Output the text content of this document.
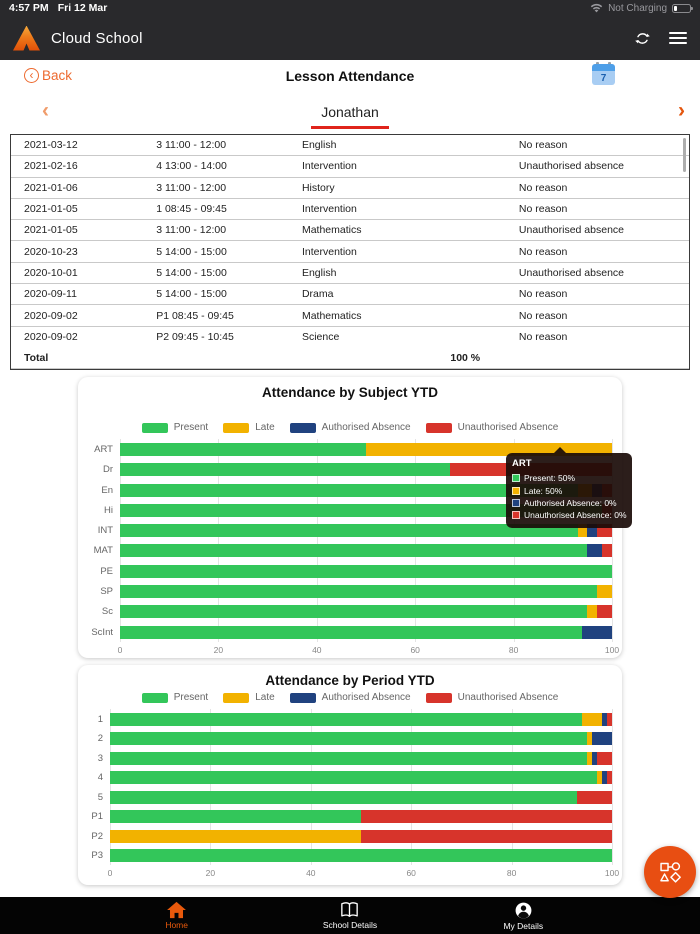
4:57 PM Fri 12 Mar	Not Charging
Cloud School
‹ Back	Lesson Attendance	7
‹	Jonathan	›
2021-03-12	3 11:00 - 12:00	English	No reason
2021-02-16	4 13:00 - 14:00	Intervention	Unauthorised absence
2021-01-06	3 11:00 - 12:00	History	No reason
2021-01-05	1 08:45 - 09:45	Intervention	No reason
2021-01-05	3 11:00 - 12:00	Mathematics	Unauthorised absence
2020-10-23	5 14:00 - 15:00	Intervention	No reason
2020-10-01	5 14:00 - 15:00	English	Unauthorised absence
2020-09-11	5 14:00 - 15:00	Drama	No reason
2020-09-02	P1 08:45 - 09:45	Mathematics	No reason
2020-09-02	P2 09:45 - 10:45	Science	No reason
Total	100 %
Attendance by Subject YTD
Present	Late	Authorised Absence	Unauthorised Absence
ART
Dr
En
Hi
INT
MAT
PE
SP
Sc
ScInt
0	20	40	60	80	100
ART
Present: 50%
Late: 50%
Authorised Absence: 0%
Unauthorised Absence: 0%
Attendance by Period YTD
Present	Late	Authorised Absence	Unauthorised Absence
1
2
3
4
5
P1
P2
P3
0	20	40	60	80	100
Home	School Details	My Details
